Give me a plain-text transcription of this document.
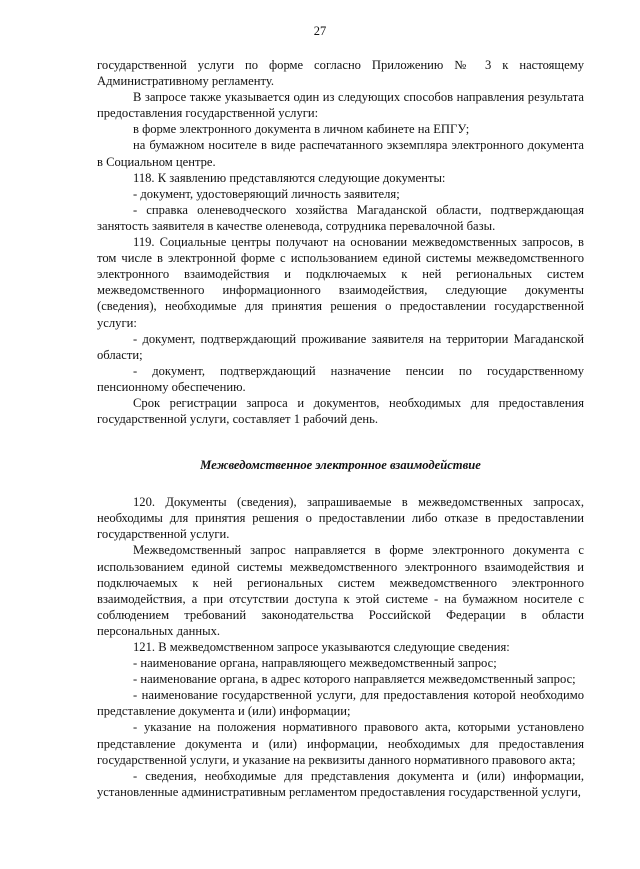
27

государственной услуги по форме согласно Приложению № 3 к настоящему Административному регламенту.

В запросе также указывается один из следующих способов направления результата предоставления государственной услуги:

в форме электронного документа в личном кабинете на ЕПГУ;

на бумажном носителе в виде распечатанного экземпляра электронного документа в Социальном центре.

118. К заявлению представляются следующие документы:

- документ, удостоверяющий личность заявителя;

- справка оленеводческого хозяйства Магаданской области, подтверждающая занятость заявителя в качестве оленевода, сотрудника перевалочной базы.

119. Социальные центры получают на основании межведомственных запросов, в том числе в электронной форме с использованием единой системы межведомственного электронного взаимодействия и подключаемых к ней региональных систем межведомственного информационного взаимодействия, следующие документы (сведения), необходимые для принятия решения о предоставлении государственной услуги:

- документ, подтверждающий проживание заявителя на территории Магаданской области;

- документ, подтверждающий назначение пенсии по государственному пенсионному обеспечению.

Срок регистрации запроса и документов, необходимых для предоставления государственной услуги, составляет 1 рабочий день.

Межведомственное электронное взаимодействие

120. Документы (сведения), запрашиваемые в межведомственных запросах, необходимы для принятия решения о предоставлении либо отказе в предоставлении государственной услуги.

Межведомственный запрос направляется в форме электронного документа с использованием единой системы межведомственного электронного взаимодействия и подключаемых к ней региональных систем межведомственного электронного взаимодействия, а при отсутствии доступа к этой системе - на бумажном носителе с соблюдением требований законодательства Российской Федерации в области персональных данных.

121. В межведомственном запросе указываются следующие сведения:

- наименование органа, направляющего межведомственный запрос;

- наименование органа, в адрес которого направляется межведомственный запрос;

- наименование государственной услуги, для предоставления которой необходимо представление документа и (или) информации;

- указание на положения нормативного правового акта, которыми установлено представление документа и (или) информации, необходимых для предоставления государственной услуги, и указание на реквизиты данного нормативного правового акта;

- сведения, необходимые для представления документа и (или) информации, установленные административным регламентом предоставления государственной услуги,
